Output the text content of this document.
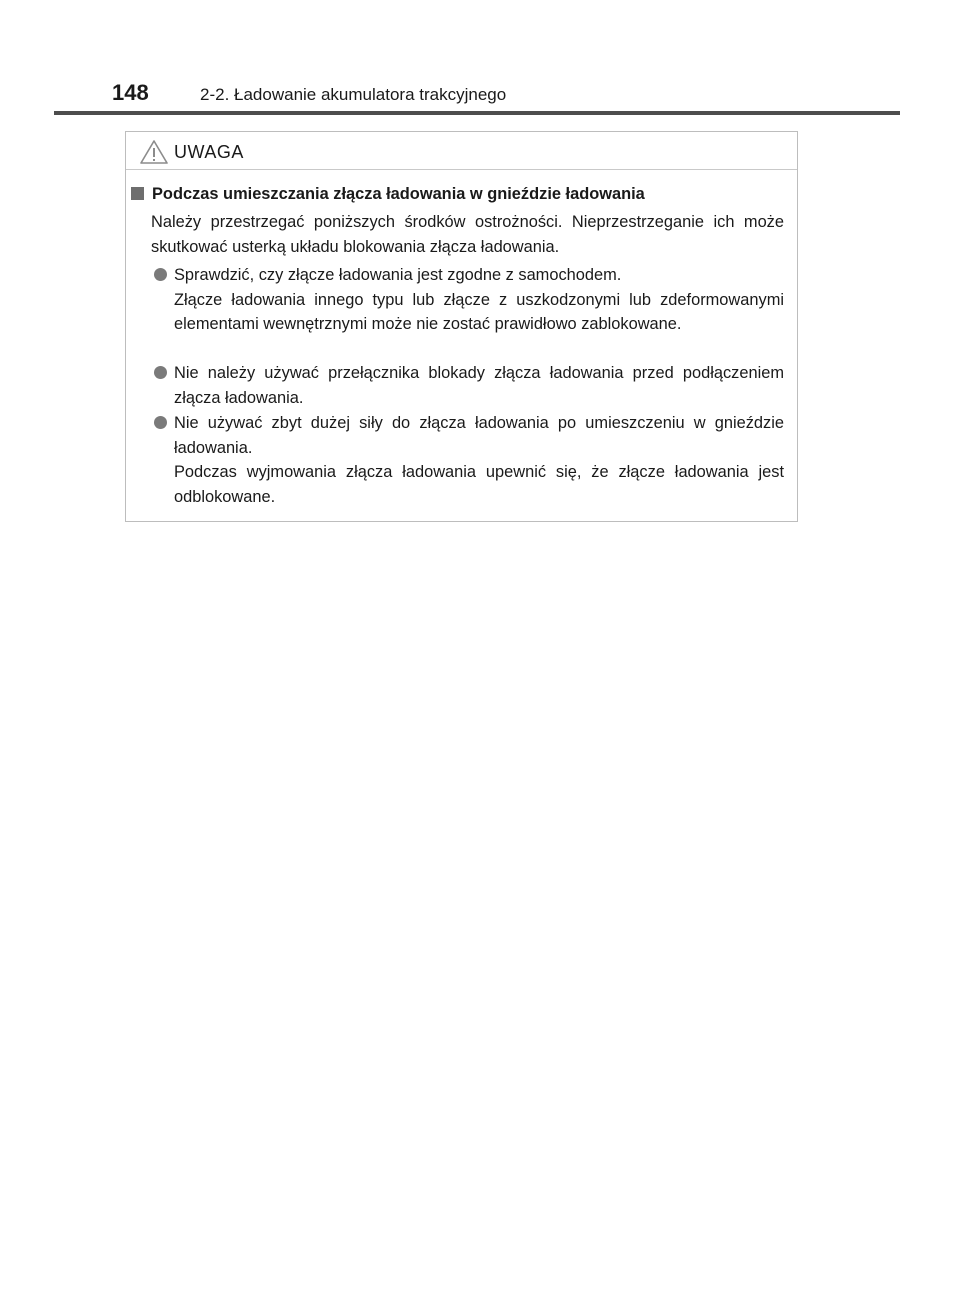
148	2-2. Ładowanie akumulatora trakcyjnego
UWAGA
Podczas umieszczania złącza ładowania w gnieździe ładowania
Należy przestrzegać poniższych środków ostrożności. Nieprzestrzeganie ich może skutkować usterką układu blokowania złącza ładowania.
Sprawdzić, czy złącze ładowania jest zgodne z samochodem.
Złącze ładowania innego typu lub złącze z uszkodzonymi lub zdeformowanymi elementami wewnętrznymi może nie zostać prawidłowo zablokowane.
Nie należy używać przełącznika blokady złącza ładowania przed podłączeniem złącza ładowania.
Nie używać zbyt dużej siły do złącza ładowania po umieszczeniu w gnieździe ładowania.
Podczas wyjmowania złącza ładowania upewnić się, że złącze ładowania jest odblokowane.
